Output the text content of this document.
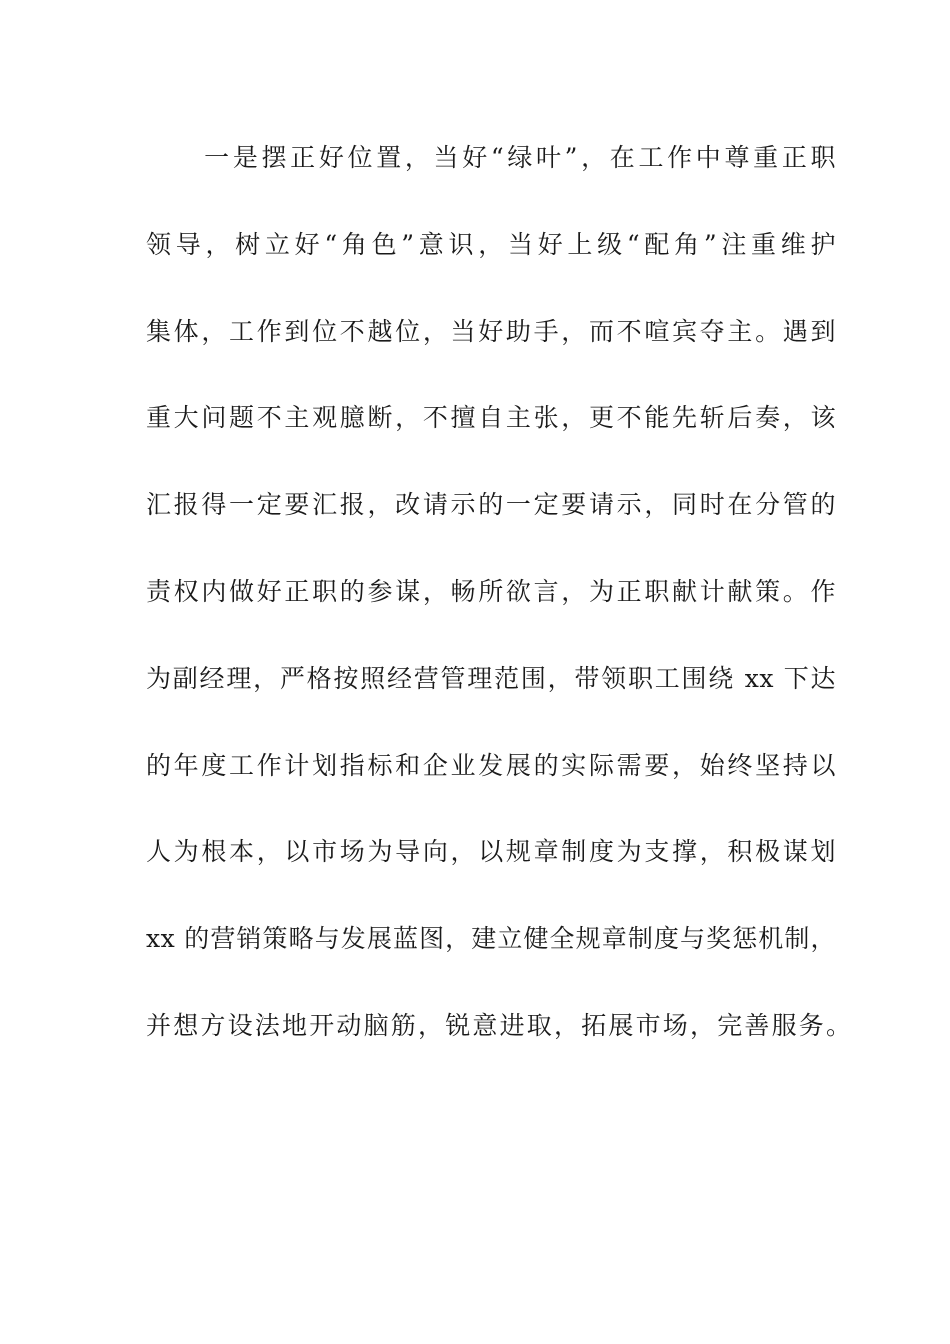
一是摆正好位置，当好“绿叶”，在工作中尊重正职
领导，树立好“角色”意识，当好上级“配角”注重维护
集体，工作到位不越位，当好助手，而不喧宾夺主。遇到
重大问题不主观臆断，不擅自主张，更不能先斩后奏，该
汇报得一定要汇报，改请示的一定要请示，同时在分管的
责权内做好正职的参谋，畅所欲言，为正职献计献策。作
为副经理，严格按照经营管理范围，带领职工围绕 xx 下达
的年度工作计划指标和企业发展的实际需要，始终坚持以
人为根本，以市场为导向，以规章制度为支撑，积极谋划
xx 的营销策略与发展蓝图，建立健全规章制度与奖惩机制，
并想方设法地开动脑筋，锐意进取，拓展市场，完善服务。
